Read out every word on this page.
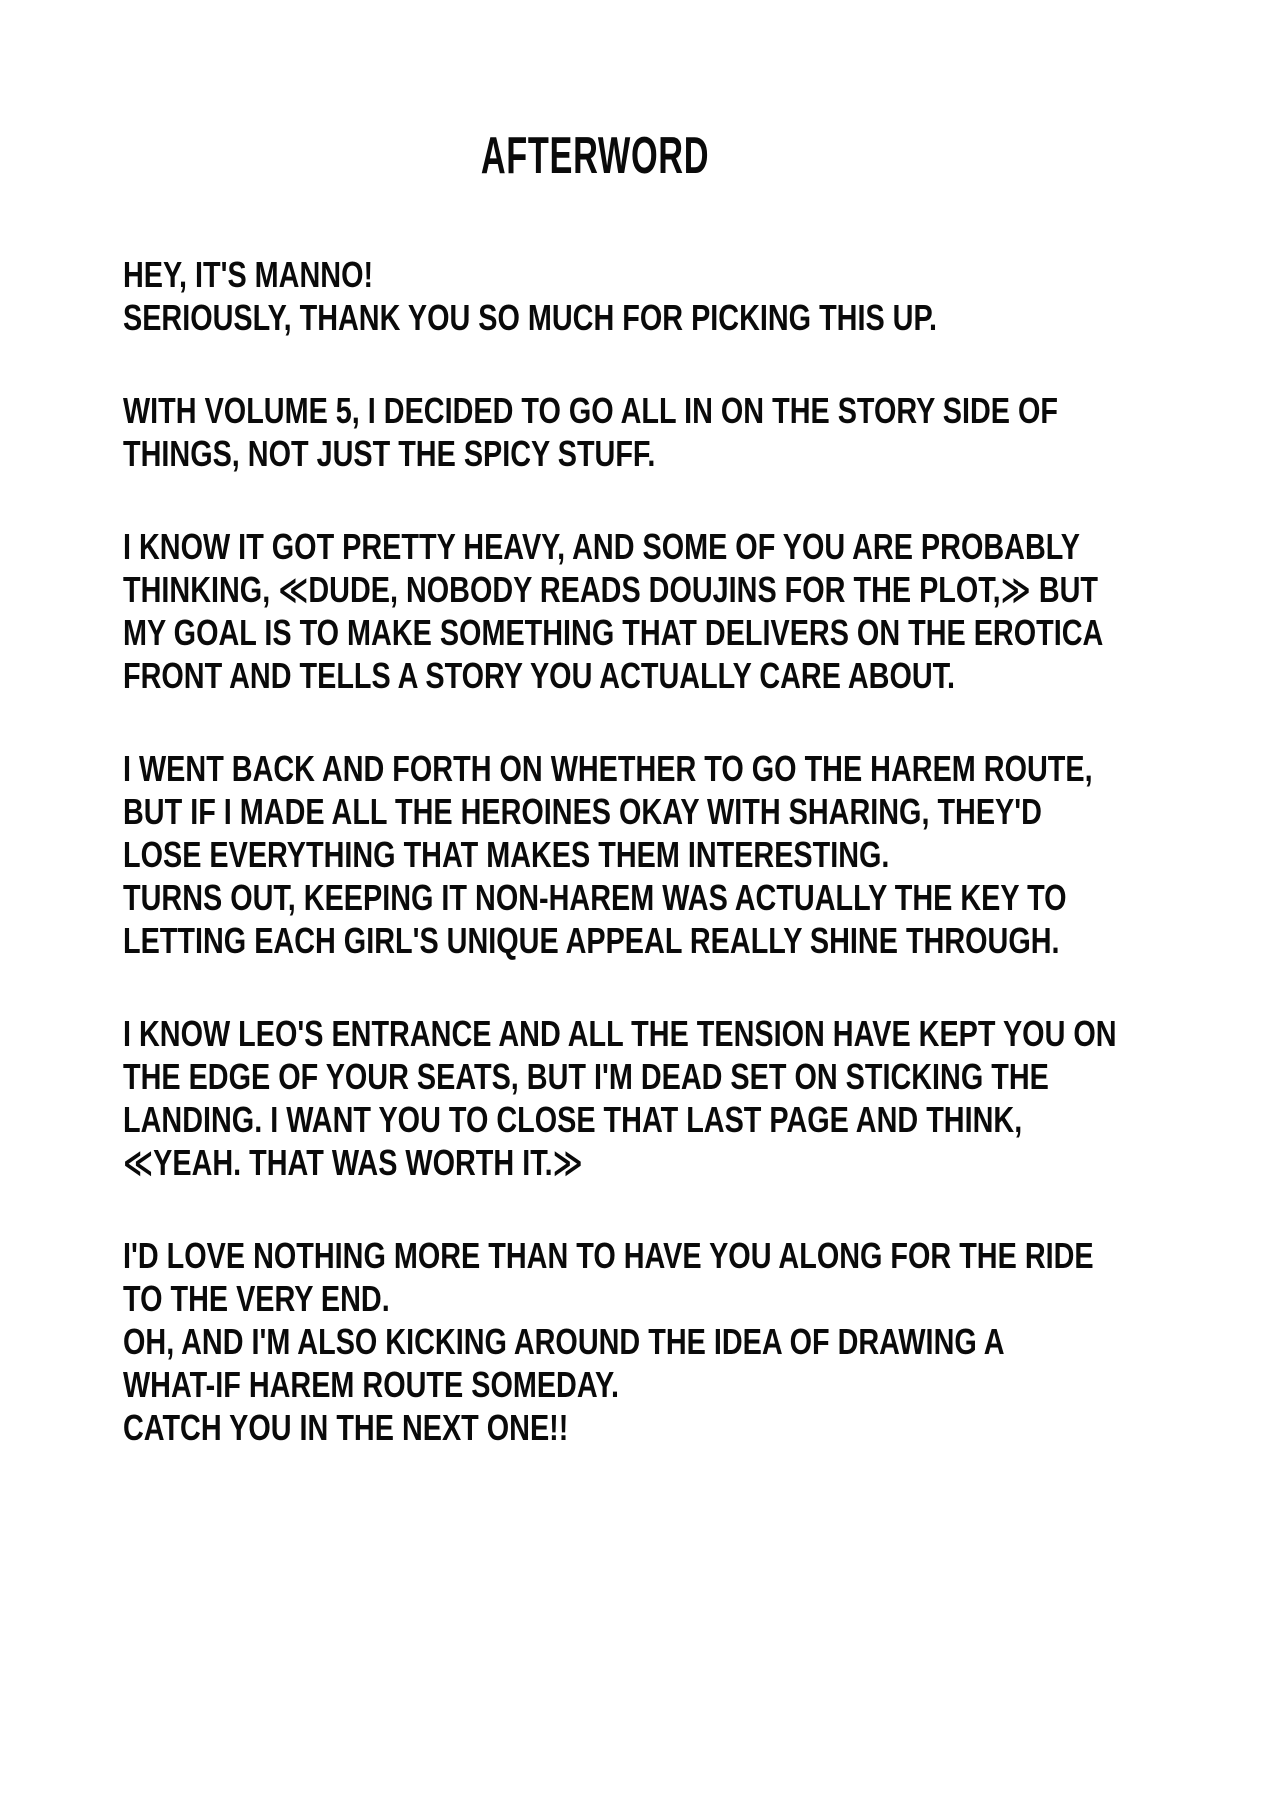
AFTERWORD
HEY, IT'S MANNO!
SERIOUSLY, THANK YOU SO MUCH FOR PICKING THIS UP.
WITH VOLUME 5, I DECIDED TO GO ALL IN ON THE STORY SIDE OF
THINGS, NOT JUST THE SPICY STUFF.
I KNOW IT GOT PRETTY HEAVY, AND SOME OF YOU ARE PROBABLY
THINKING, ≪DUDE, NOBODY READS DOUJINS FOR THE PLOT,≫ BUT
MY GOAL IS TO MAKE SOMETHING THAT DELIVERS ON THE EROTICA
FRONT AND TELLS A STORY YOU ACTUALLY CARE ABOUT.
I WENT BACK AND FORTH ON WHETHER TO GO THE HAREM ROUTE,
BUT IF I MADE ALL THE HEROINES OKAY WITH SHARING, THEY'D
LOSE EVERYTHING THAT MAKES THEM INTERESTING.
TURNS OUT, KEEPING IT NON-HAREM WAS ACTUALLY THE KEY TO
LETTING EACH GIRL'S UNIQUE APPEAL REALLY SHINE THROUGH.
I KNOW LEO'S ENTRANCE AND ALL THE TENSION HAVE KEPT YOU ON
THE EDGE OF YOUR SEATS, BUT I'M DEAD SET ON STICKING THE
LANDING. I WANT YOU TO CLOSE THAT LAST PAGE AND THINK,
≪YEAH. THAT WAS WORTH IT.≫
I'D LOVE NOTHING MORE THAN TO HAVE YOU ALONG FOR THE RIDE
TO THE VERY END.
OH, AND I'M ALSO KICKING AROUND THE IDEA OF DRAWING A
WHAT-IF HAREM ROUTE SOMEDAY.
CATCH YOU IN THE NEXT ONE!!
